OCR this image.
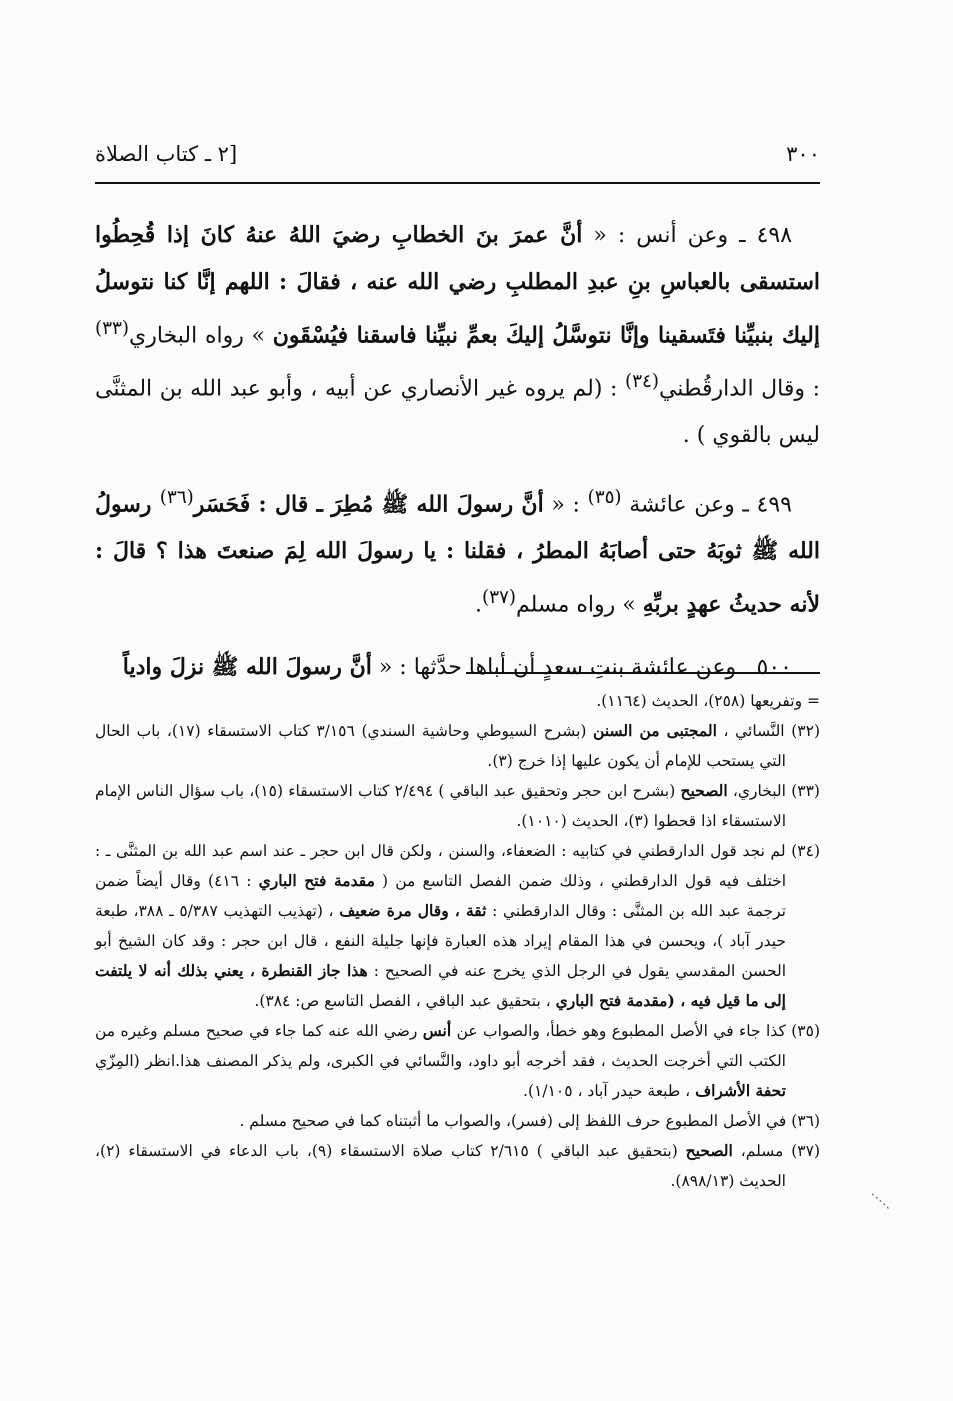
٣٠٠
[٢ ـ كتاب الصلاة

٤٩٨ ـ وعن أنس : « أنَّ عمرَ بنَ الخطابِ رضيَ اللهُ عنهُ كانَ إذا قُحِطُوا استسقى بالعباسِ بنِ عبدِ المطلبِ رضي الله عنه ، فقالَ : اللهم إنَّا كنا نتوسلُ إليك بنبيِّنا فتَسقينا وإنَّا نتوسَّلُ إليكَ بعمِّ نبيِّنا فاسقنا فيُسْقَون » رواه البخاري$^{(٣٣)}$ : وقال الدارقُطني$^{(٣٤)}$ : (لم يروه غير الأنصاري عن أبيه ، وأبو عبد الله بن المثنَّى ليس بالقوي ) .

٤٩٩ ـ وعن عائشة $^{(٣٥)}$ : « أنَّ رسولَ الله ﷺ مُطِرَ ـ قال : فَحَسَر$^{(٣٦)}$ رسولُ الله ﷺ ثوبَهُ حتى أصابَهُ المطرُ ، فقلنا : يا رسولَ الله لِمَ صنعتَ هذا ؟ قالَ : لأنه حديثُ عهدٍ بربِّهِ » رواه مسلم$^{(٣٧)}$.

٥٠٠ ـ وعن عائشة بنتِ سعدٍ أن أباها حدَّثها : « أنَّ رسولَ الله ﷺ نزلَ وادياً

= وتفريعها (٢٥٨)، الحديث (١١٦٤).

(٣٢) النَّسائي ، المجتبى من السنن (بشرح السيوطي وحاشية السندي) ٣/١٥٦ كتاب الاستسقاء (١٧)، باب الحال التي يستحب للإمام أن يكون عليها إذا خرج (٣).

(٣٣) البخاري، الصحيح (بشرح ابن حجر وتحقيق عبد الباقي ) ٢/٤٩٤ كتاب الاستسقاء (١٥)، باب سؤال الناس الإمام الاستسقاء اذا قحطوا (٣)، الحديث (١٠١٠).

(٣٤) لم نجد قول الدارقطني في كتابيه : الضعفاء، والسنن ، ولكن قال ابن حجر ـ عند اسم عبد الله بن المثنَّى ـ : اختلف فيه قول الدارقطني ، وذلك ضمن الفصل التاسع من ( مقدمة فتح الباري : ٤١٦) وقال أيضاً ضمن ترجمة عبد الله بن المثنَّى : وقال الدارقطني : ثقة ، وقال مرة ضعيف ، (تهذيب التهذيب ٥/٣٨٧ ـ ٣٨٨، طبعة حيدر آباد )، ويحسن في هذا المقام إيراد هذه العبارة فإنها جليلة النفع ، قال ابن حجر : وقد كان الشيخ أبو الحسن المقدسي يقول في الرجل الذي يخرج عنه في الصحيح : هذا جاز القنطرة ، يعني بذلك أنه لا يلتفت إلى ما قيل فيه ، (مقدمة فتح الباري ، بتحقيق عبد الباقي ، الفصل التاسع ص: ٣٨٤).

(٣٥) كذا جاء في الأصل المطبوع وهو خطأ، والصواب عن أنس رضي الله عنه كما جاء في صحيح مسلم وغيره من الكتب التي أخرجت الحديث ، فقد أخرجه أبو داود، والنَّسائي في الكبرى، ولم يذكر المصنف هذا.انظر (المِزّي تحفة الأشراف ، طبعة حيدر آباد ، ١/١٠٥).

(٣٦) في الأصل المطبوع حرف اللفظ إلى (فسر)، والصواب ما أثبتناه كما في صحيح مسلم .

(٣٧) مسلم، الصحيح (بتحقيق عبد الباقي ) ٢/٦١٥ كتاب صلاة الاستسقاء (٩)، باب الدعاء في الاستسقاء (٢)، الحديث (٨٩٨/١٣).
